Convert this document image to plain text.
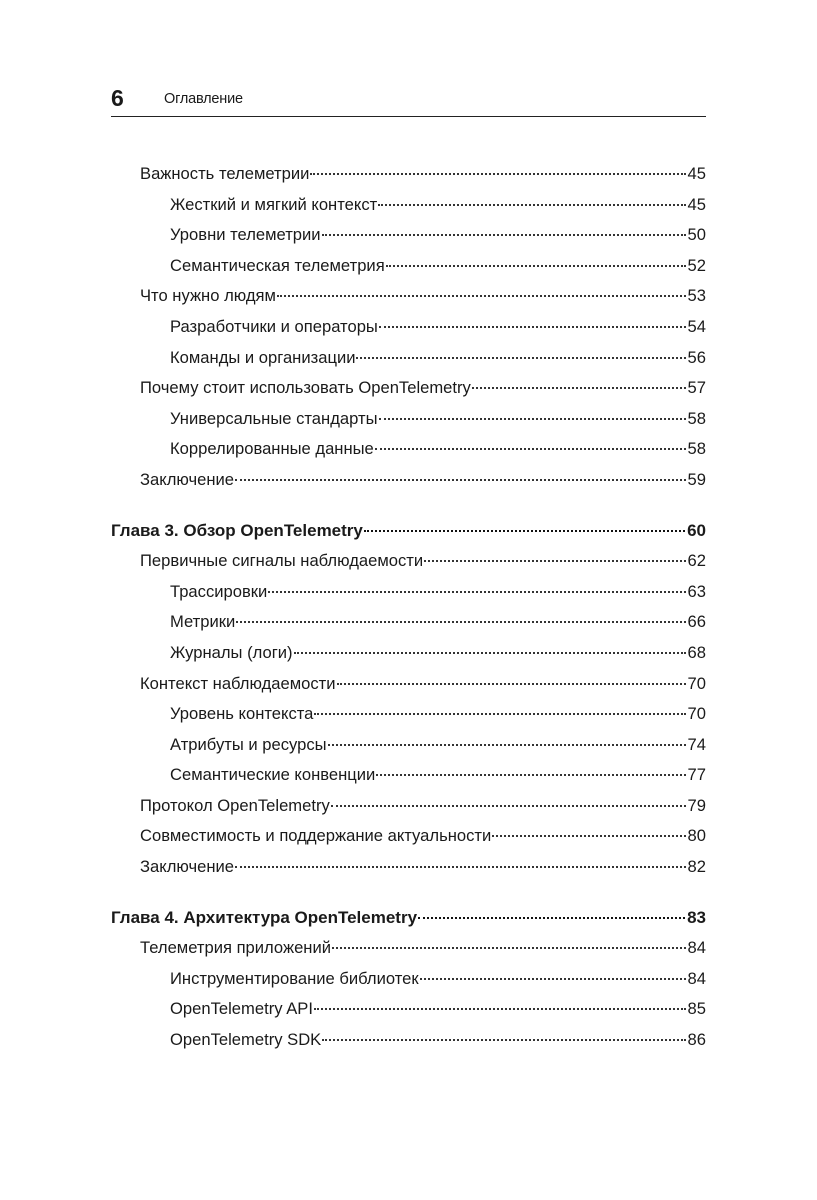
6	Оглавление
Важность телеметрии	45
Жесткий и мягкий контекст	45
Уровни телеметрии	50
Семантическая телеметрия	52
Что нужно людям	53
Разработчики и операторы	54
Команды и организации	56
Почему стоит использовать OpenTelemetry	57
Универсальные стандарты	58
Коррелированные данные	58
Заключение	59
Глава 3. Обзор OpenTelemetry	60
Первичные сигналы наблюдаемости	62
Трассировки	63
Метрики	66
Журналы (логи)	68
Контекст наблюдаемости	70
Уровень контекста	70
Атрибуты и ресурсы	74
Семантические конвенции	77
Протокол OpenTelemetry	79
Совместимость и поддержание актуальности	80
Заключение	82
Глава 4. Архитектура OpenTelemetry	83
Телеметрия приложений	84
Инструментирование библиотек	84
OpenTelemetry API	85
OpenTelemetry SDK	86
